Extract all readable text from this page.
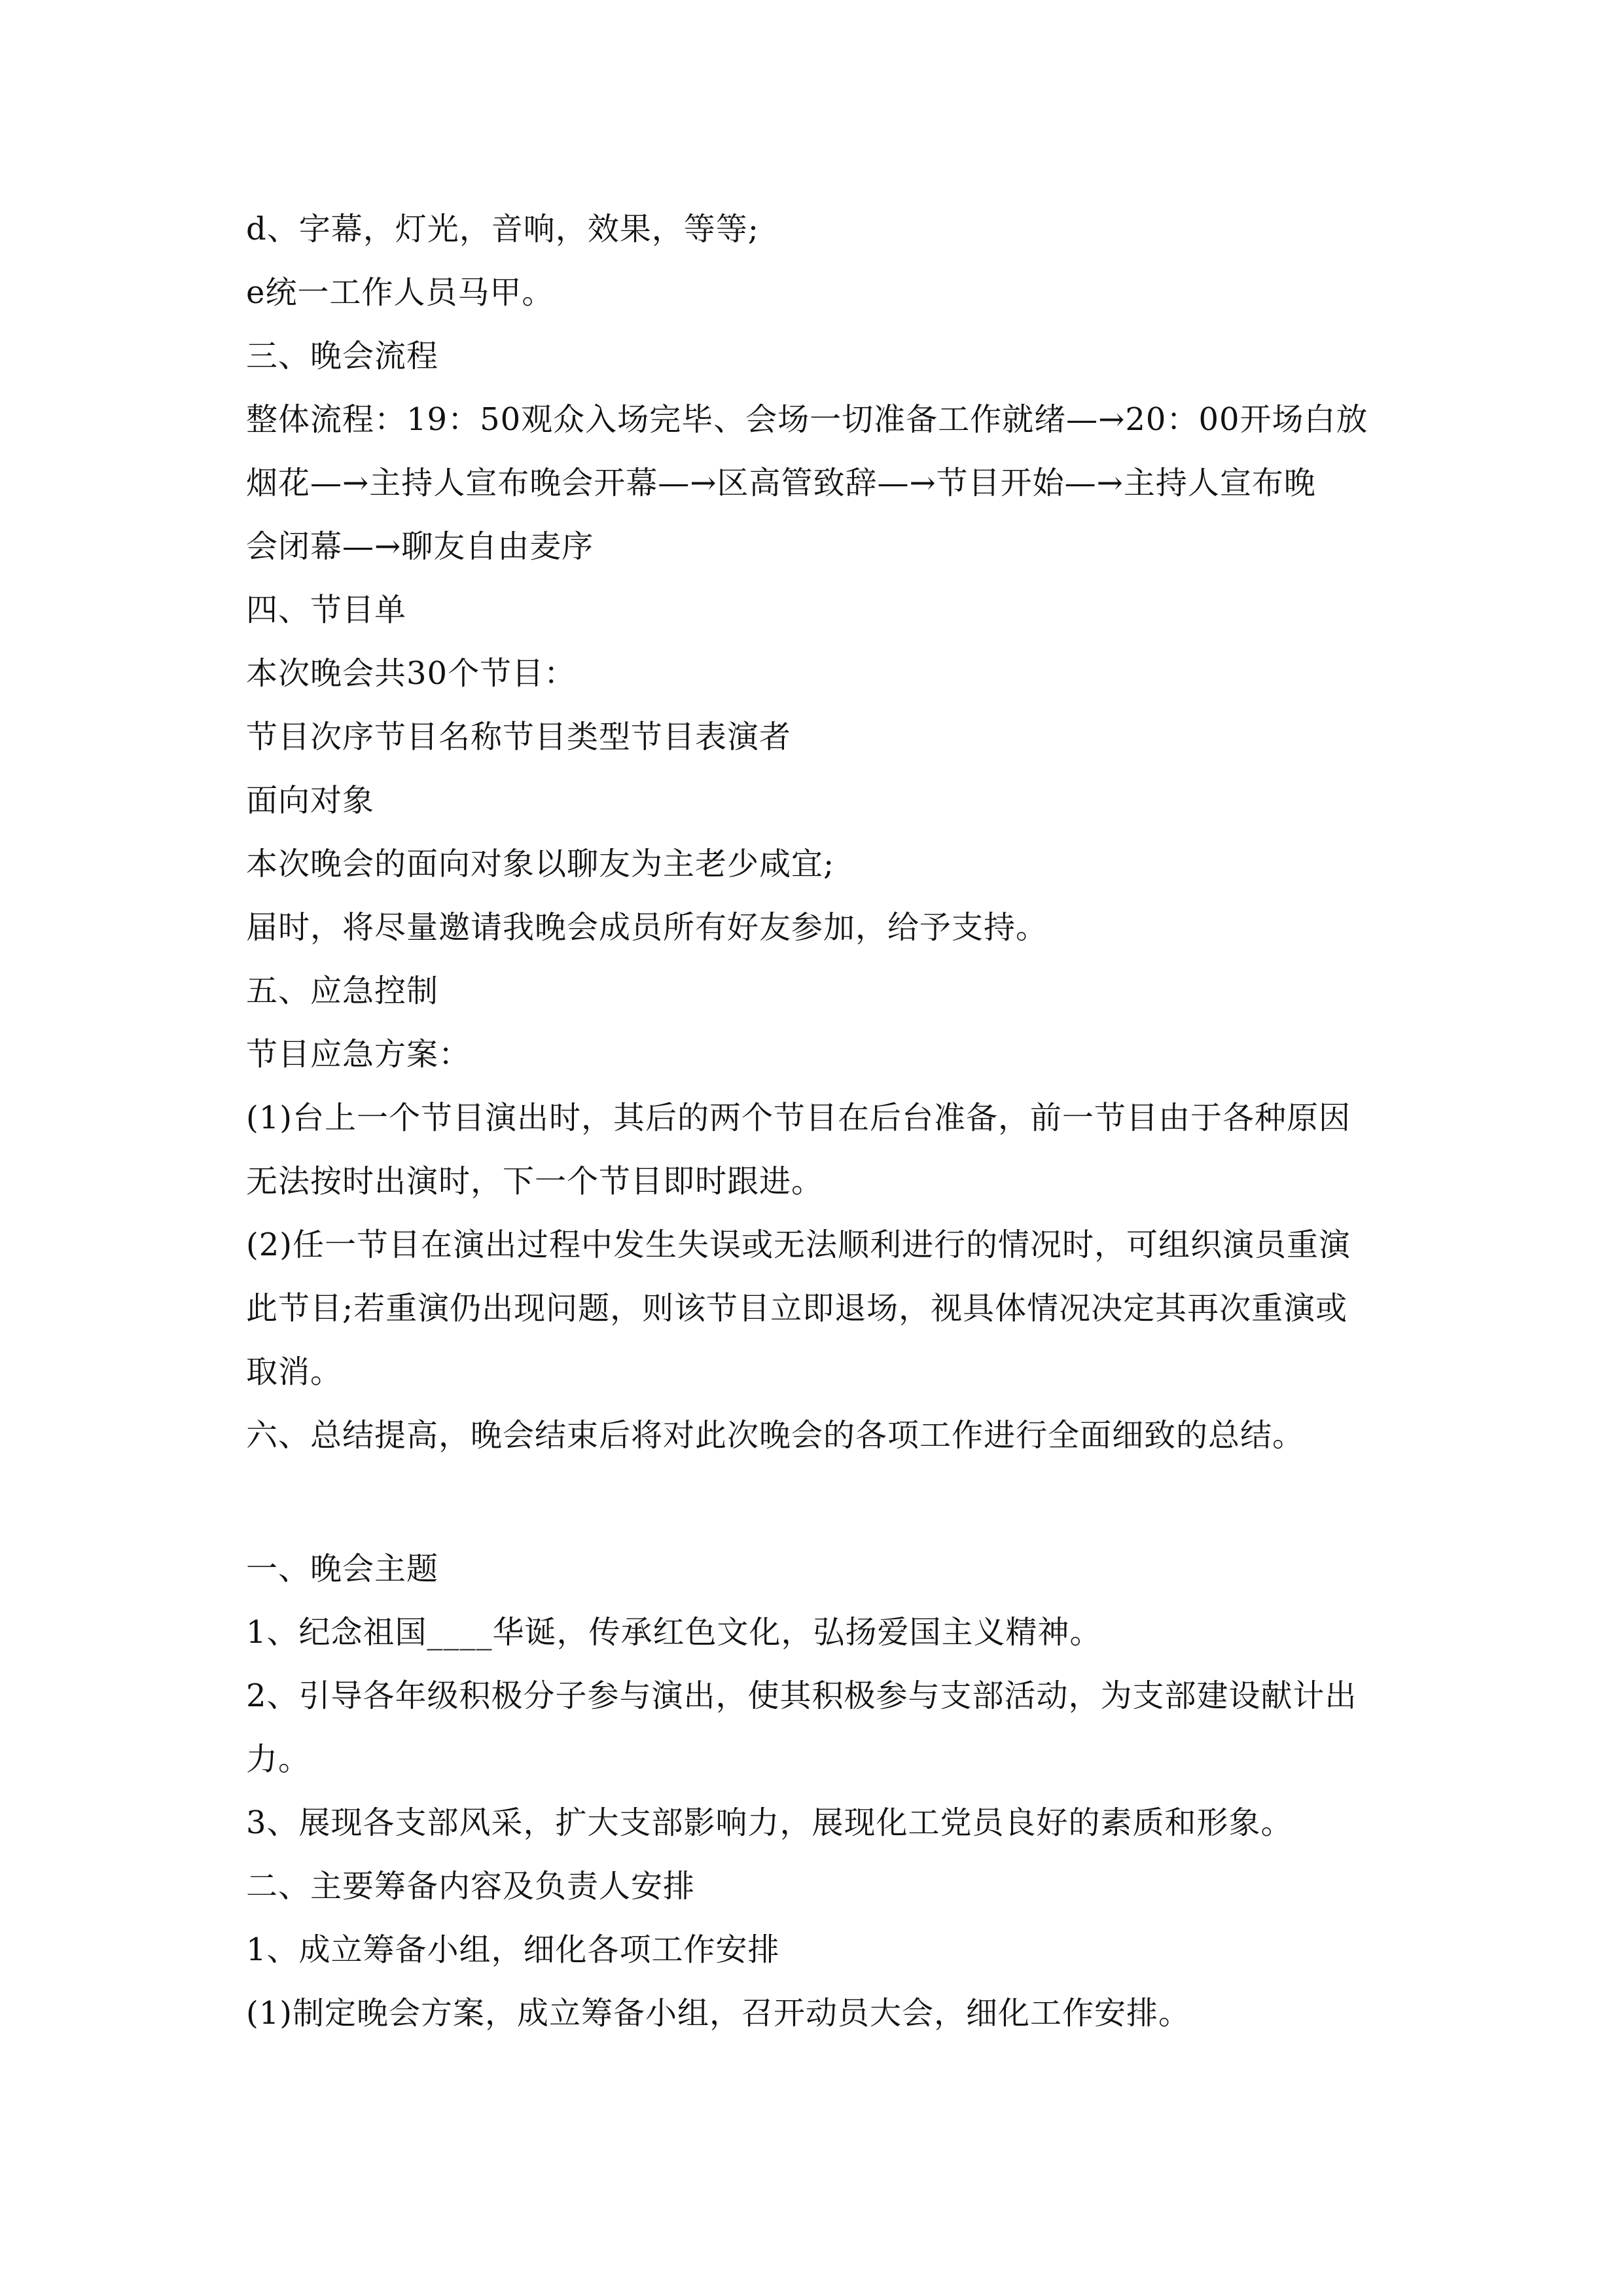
d、字幕，灯光，音响，效果，等等;
e统一工作人员马甲。
三、晚会流程
整体流程：19：50观众入场完毕、会场一切准备工作就绪—→20：00开场白放
烟花—→主持人宣布晚会开幕—→区高管致辞—→节目开始—→主持人宣布晚
会闭幕—→聊友自由麦序
四、节目单
本次晚会共30个节目：
节目次序节目名称节目类型节目表演者
面向对象
本次晚会的面向对象以聊友为主老少咸宜;
届时，将尽量邀请我晚会成员所有好友参加，给予支持。
五、应急控制
节目应急方案：
(1)台上一个节目演出时，其后的两个节目在后台准备，前一节目由于各种原因
无法按时出演时，下一个节目即时跟进。
(2)任一节目在演出过程中发生失误或无法顺利进行的情况时，可组织演员重演
此节目;若重演仍出现问题，则该节目立即退场，视具体情况决定其再次重演或
取消。
六、总结提高，晚会结束后将对此次晚会的各项工作进行全面细致的总结。
一、晚会主题
1、纪念祖国____华诞，传承红色文化，弘扬爱国主义精神。
2、引导各年级积极分子参与演出，使其积极参与支部活动，为支部建设献计出
力。
3、展现各支部风采，扩大支部影响力，展现化工党员良好的素质和形象。
二、主要筹备内容及负责人安排
1、成立筹备小组，细化各项工作安排
(1)制定晚会方案，成立筹备小组，召开动员大会，细化工作安排。
